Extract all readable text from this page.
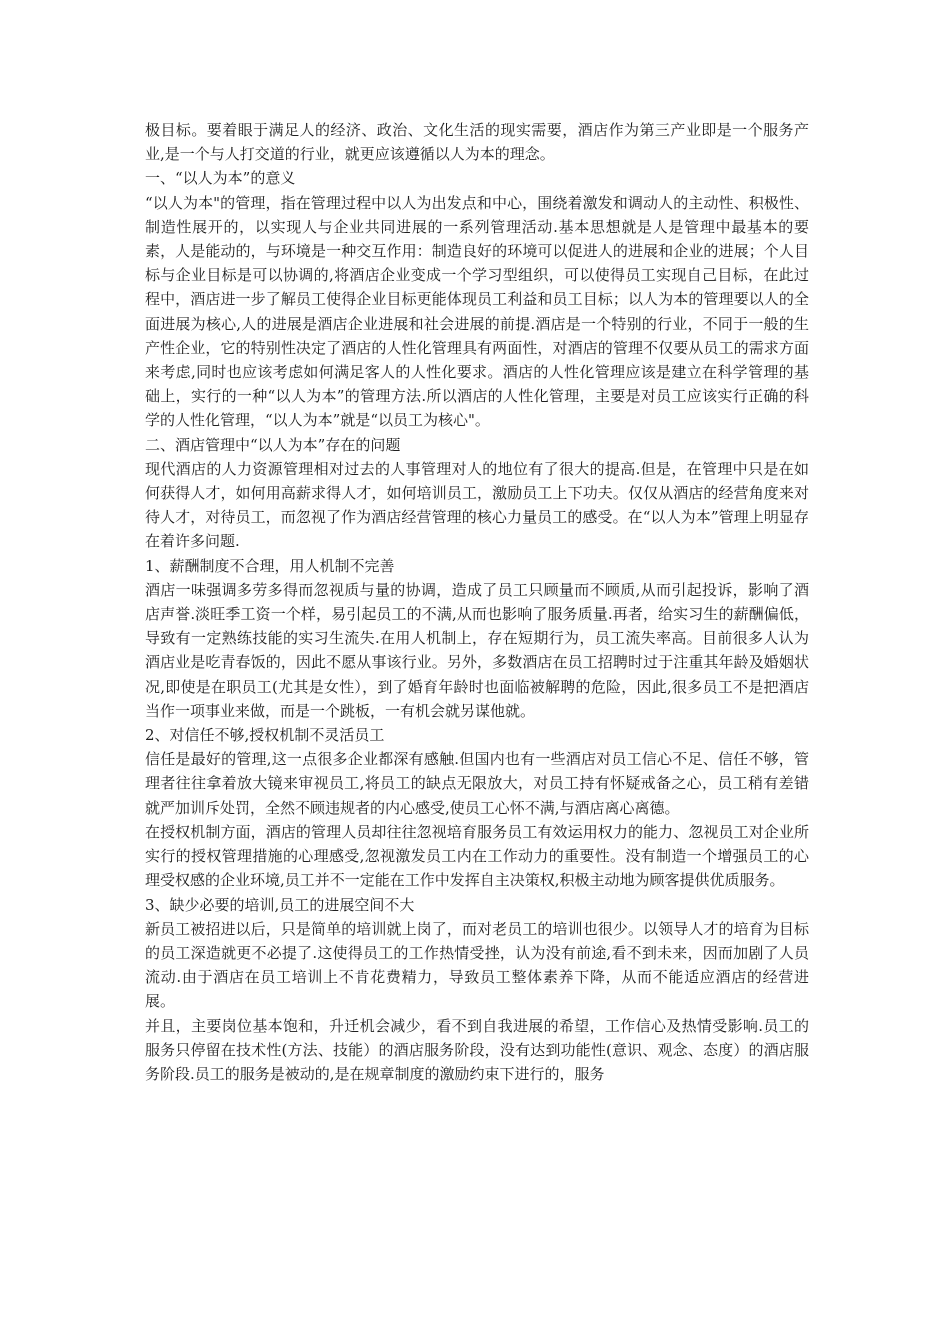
极目标。要着眼于满足人的经济、政治、文化生活的现实需要，酒店作为第三产业即是一个服务产业,是一个与人打交道的行业，就更应该遵循以人为本的理念。

一、“以人为本”的意义

“以人为本"的管理，指在管理过程中以人为出发点和中心，围绕着激发和调动人的主动性、积极性、制造性展开的，以实现人与企业共同进展的一系列管理活动.基本思想就是人是管理中最基本的要素，人是能动的，与环境是一种交互作用：制造良好的环境可以促进人的进展和企业的进展；个人目标与企业目标是可以协调的,将酒店企业变成一个学习型组织，可以使得员工实现自己目标，在此过程中，酒店进一步了解员工使得企业目标更能体现员工利益和员工目标；以人为本的管理要以人的全面进展为核心,人的进展是酒店企业进展和社会进展的前提.酒店是一个特别的行业，不同于一般的生产性企业，它的特别性决定了酒店的人性化管理具有两面性，对酒店的管理不仅要从员工的需求方面来考虑,同时也应该考虑如何满足客人的人性化要求。酒店的人性化管理应该是建立在科学管理的基础上，实行的一种“以人为本”的管理方法.所以酒店的人性化管理，主要是对员工应该实行正确的科学的人性化管理，“以人为本”就是“以员工为核心"。

二、酒店管理中“以人为本”存在的问题

现代酒店的人力资源管理相对过去的人事管理对人的地位有了很大的提高.但是，在管理中只是在如何获得人才，如何用高薪求得人才，如何培训员工，激励员工上下功夫。仅仅从酒店的经营角度来对待人才，对待员工，而忽视了作为酒店经营管理的核心力量员工的感受。在“以人为本”管理上明显存在着许多问题.

1、薪酬制度不合理，用人机制不完善

酒店一味强调多劳多得而忽视质与量的协调，造成了员工只顾量而不顾质,从而引起投诉，影响了酒店声誉.淡旺季工资一个样，易引起员工的不满,从而也影响了服务质量.再者，给实习生的薪酬偏低，导致有一定熟练技能的实习生流失.在用人机制上，存在短期行为，员工流失率高。目前很多人认为酒店业是吃青春饭的，因此不愿从事该行业。另外，多数酒店在员工招聘时过于注重其年龄及婚姻状况,即使是在职员工(尤其是女性），到了婚育年龄时也面临被解聘的危险，因此,很多员工不是把酒店当作一项事业来做，而是一个跳板，一有机会就另谋他就。

2、对信任不够,授权机制不灵活员工

信任是最好的管理,这一点很多企业都深有感触.但国内也有一些酒店对员工信心不足、信任不够，管理者往往拿着放大镜来审视员工,将员工的缺点无限放大，对员工持有怀疑戒备之心，员工稍有差错就严加训斥处罚，全然不顾违规者的内心感受,使员工心怀不满,与酒店离心离德。

在授权机制方面，酒店的管理人员却往往忽视培育服务员工有效运用权力的能力、忽视员工对企业所实行的授权管理措施的心理感受,忽视激发员工内在工作动力的重要性。没有制造一个增强员工的心理受权感的企业环境,员工并不一定能在工作中发挥自主决策权,积极主动地为顾客提供优质服务。

3、缺少必要的培训,员工的进展空间不大

新员工被招进以后，只是简单的培训就上岗了，而对老员工的培训也很少。以领导人才的培育为目标的员工深造就更不必提了.这使得员工的工作热情受挫，认为没有前途,看不到未来，因而加剧了人员流动.由于酒店在员工培训上不肯花费精力，导致员工整体素养下降，从而不能适应酒店的经营进展。

并且，主要岗位基本饱和，升迁机会减少，看不到自我进展的希望，工作信心及热情受影响.员工的服务只停留在技术性(方法、技能）的酒店服务阶段，没有达到功能性(意识、观念、态度）的酒店服务阶段.员工的服务是被动的,是在规章制度的激励约束下进行的，服务
